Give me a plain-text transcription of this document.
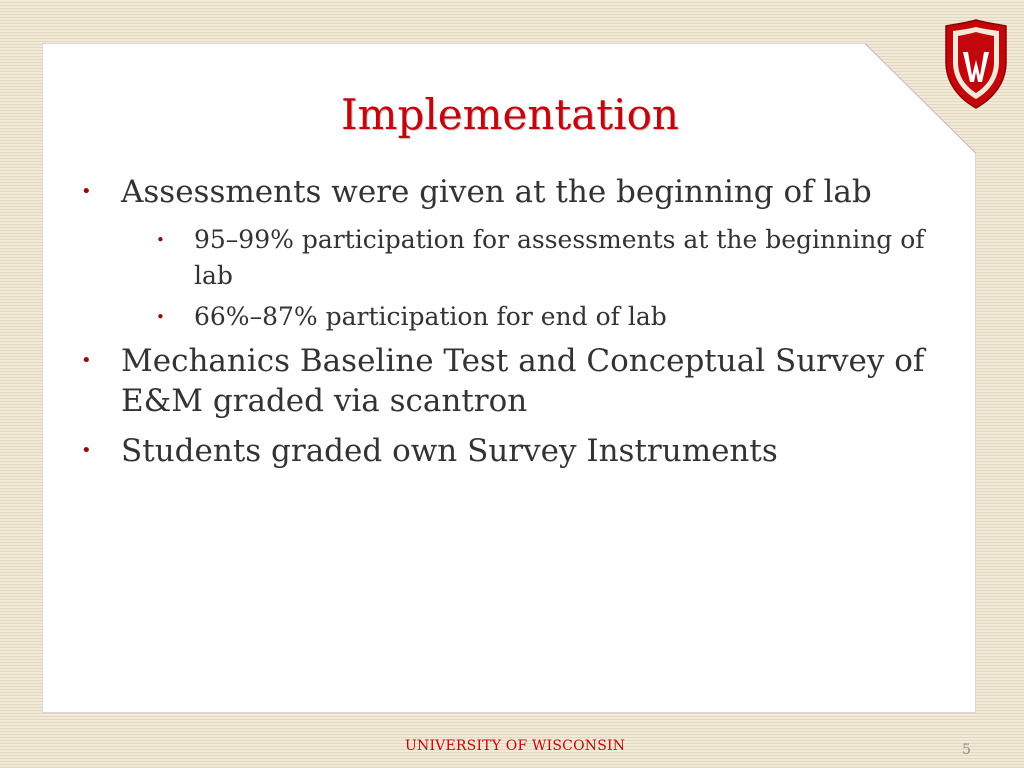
Implementation
• Assessments were given at the beginning of lab
• 95–99% participation for assessments at the beginning of lab
• 66%–87% participation for end of lab
• Mechanics Baseline Test and Conceptual Survey of E&M graded via scantron
• Students graded own Survey Instruments
UNIVERSITY OF WISCONSIN	5
